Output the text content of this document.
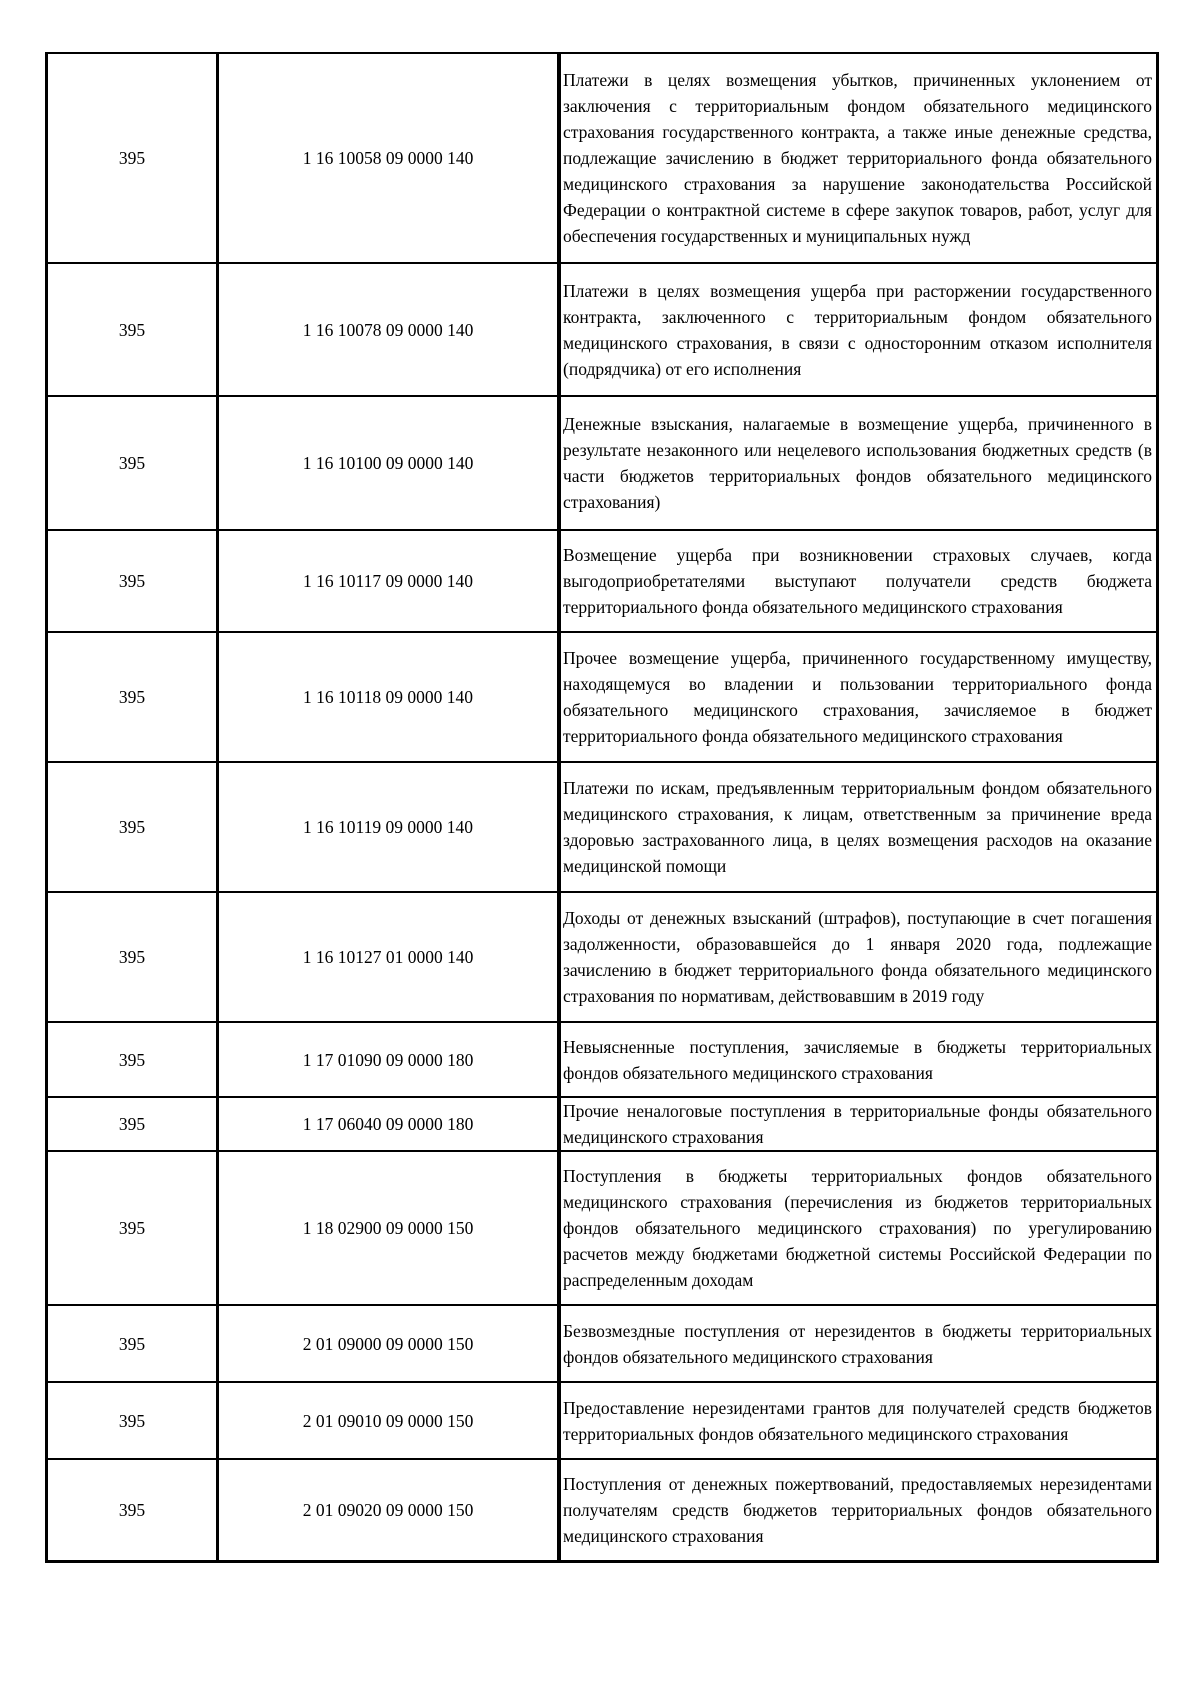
395	1 16 10058 09 0000 140	Платежи в целях возмещения убытков, причиненных уклонением от заключения с территориальным фондом обязательного медицинского страхования государственного контракта, а также иные денежные средства, подлежащие зачислению в бюджет территориального фонда обязательного медицинского страхования за нарушение законодательства Российской Федерации о контрактной системе в сфере закупок товаров, работ, услуг для обеспечения государственных и муниципальных нужд

395	1 16 10078 09 0000 140	Платежи в целях возмещения ущерба при расторжении государственного контракта, заключенного с территориальным фондом обязательного медицинского страхования, в связи с односторонним отказом исполнителя (подрядчика) от его исполнения

395	1 16 10100 09 0000 140	Денежные взыскания, налагаемые в возмещение ущерба, причиненного в результате незаконного или нецелевого использования бюджетных средств (в части бюджетов территориальных фондов обязательного медицинского страхования)

395	1 16 10117 09 0000 140	Возмещение ущерба при возникновении страховых случаев, когда выгодоприобретателями выступают получатели средств бюджета территориального фонда обязательного медицинского страхования

395	1 16 10118 09 0000 140	Прочее возмещение ущерба, причиненного государственному имуществу, находящемуся во владении и пользовании территориального фонда обязательного медицинского страхования, зачисляемое в бюджет территориального фонда обязательного медицинского страхования

395	1 16 10119 09 0000 140	Платежи по искам, предъявленным территориальным фондом обязательного медицинского страхования, к лицам, ответственным за причинение вреда здоровью застрахованного лица, в целях возмещения расходов на оказание медицинской помощи

395	1 16 10127 01 0000 140	Доходы от денежных взысканий (штрафов), поступающие в счет погашения задолженности, образовавшейся до 1 января 2020 года, подлежащие зачислению в бюджет территориального фонда обязательного медицинского страхования по нормативам, действовавшим в 2019 году

395	1 17 01090 09 0000 180	Невыясненные поступления, зачисляемые в бюджеты территориальных фондов обязательного медицинского страхования

395	1 17 06040 09 0000 180	Прочие неналоговые поступления в территориальные фонды обязательного медицинского страхования

395	1 18 02900 09 0000 150	Поступления в бюджеты территориальных фондов обязательного медицинского страхования (перечисления из бюджетов территориальных фондов обязательного медицинского страхования) по урегулированию расчетов между бюджетами бюджетной системы Российской Федерации по распределенным доходам

395	2 01 09000 09 0000 150	Безвозмездные поступления от нерезидентов в бюджеты территориальных фондов обязательного медицинского страхования

395	2 01 09010 09 0000 150	Предоставление нерезидентами грантов для получателей средств бюджетов территориальных фондов обязательного медицинского страхования

395	2 01 09020 09 0000 150	Поступления от денежных пожертвований, предоставляемых нерезидентами получателям средств бюджетов территориальных фондов обязательного медицинского страхования
